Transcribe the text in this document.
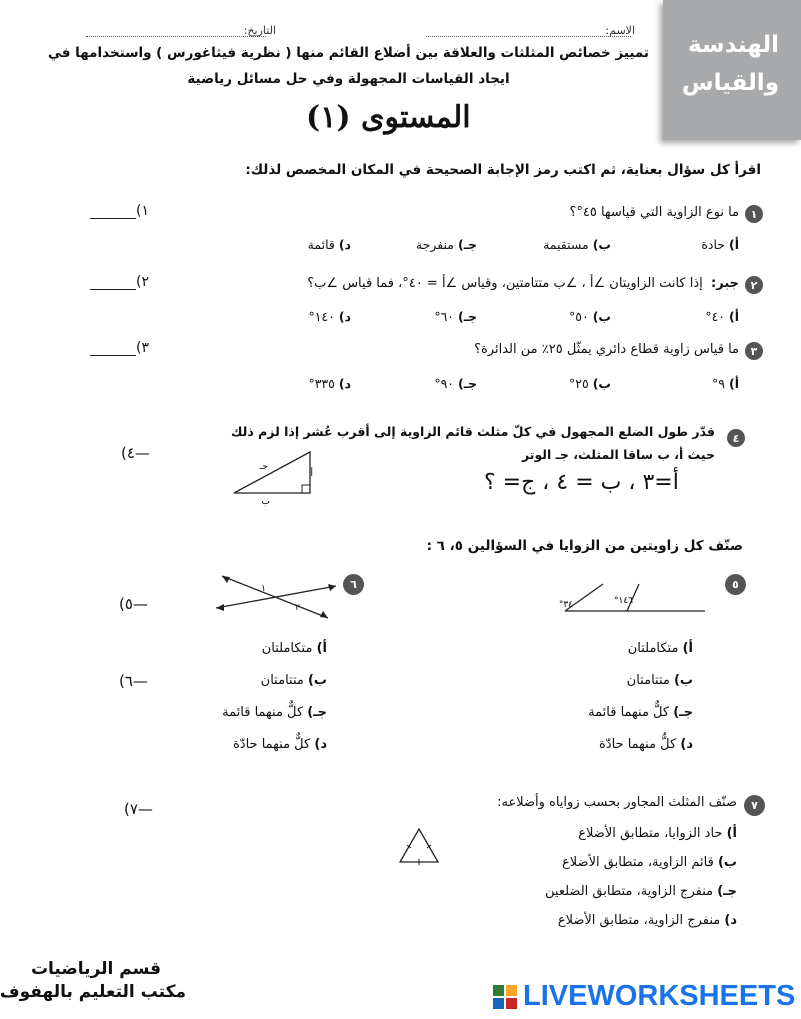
الهندسة
والقياس
الاسم:
التاريخ:
تمييز خصائص المثلثات والعلاقة بين أضلاع القائم منها ( نظرية فيثاغورس ) واستخدامها في
ايجاد القياسات المجهولة وفي حل مسائل رياضية
المستوى (١)
اقرأ كل سؤال بعناية، ثم اكتب رمز الإجابة الصحيحة في المكان المخصص لذلك:
١
ما نوع الزاوية التي قياسها ٤٥°؟
١)
أ) حادة
ب) مستقيمة
جـ) منفرجة
د) قائمة
٢
جبر:  إذا كانت الزاويتان ∠أ ، ∠ب متتامتين، وقياس ∠أ = ٤٠°، فما قياس ∠ب؟
٢)
أ) ٤٠°
ب) ٥٠°
جـ) ٦٠°
د) ١٤٠°
٣
ما قياس زاوية قطاع دائري يمثّل ٢٥٪ من الدائرة؟
٣)
أ) ٩°
ب) ٢٥°
جـ) ٩٠°
د) ٣٣٥°
٤
قدّر طول الضلع المجهول في كلّ مثلث قائم الزاوية إلى أقرب عُشر إذا لزم ذلك
حيث أ، ب ساقا المثلث، جـ الوتر
أ=٣ ، ب = ٤ ، ج= ؟
—٤)
جـ
أ
ب
صنّف كل زاويتين من الزوايا في السؤالين ٥، ٦ :
٥
٣٤°	١٤٦°
أ) متكاملتان
ب) متتامتان
جـ) كلٌّ منهما قائمة
د) كلٌّ منهما حادّة
—٥)
٦
١
٢
أ) متكاملتان
ب) متتامتان
جـ) كلٌّ منهما قائمة
د) كلٌّ منهما حادّة
—٦)
٧
صنّف المثلث المجاور بحسب زواياه وأضلاعه:
أ) حاد الزوايا، متطابق الأضلاع
ب) قائم الزاوية، متطابق الأضلاع
جـ) منفرج الزاوية، متطابق الضلعين
د) منفرج الزاوية، متطابق الأضلاع
—٧)
قسم الرياضيات
مكتب التعليم بالهفوف	LIVEWORKSHEETS
